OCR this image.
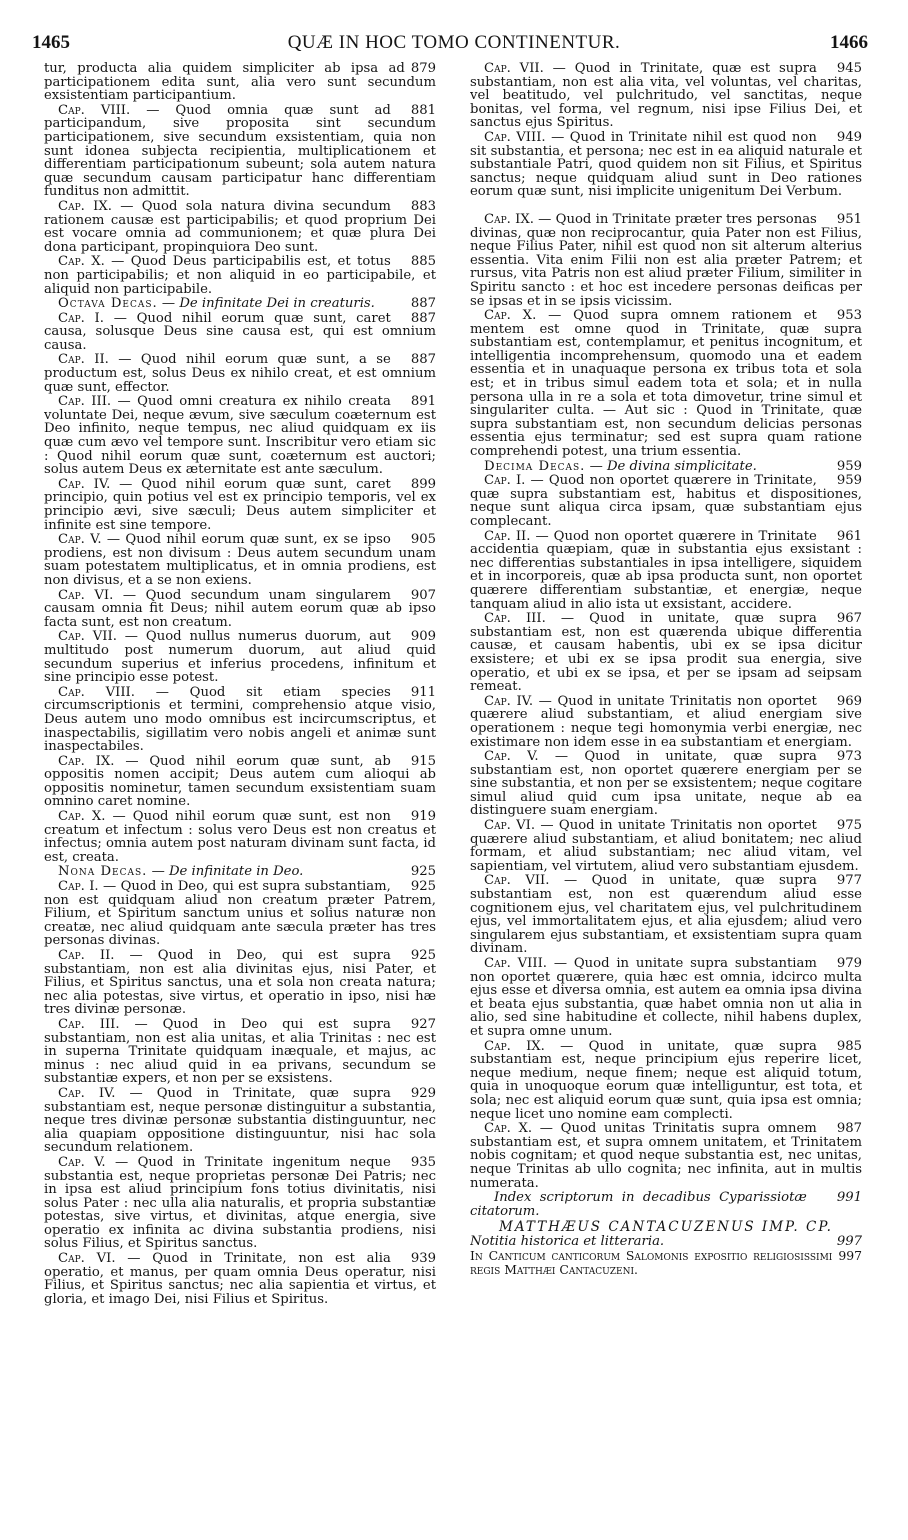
1465	QUÆ IN HOC TOMO CONTINENTUR.	1466

879
tur, producta alia quidem simpliciter ab ipsa ad participationem edita sunt, alia vero sunt secundum exsistentiam participantium.

881
Cap. VIII. — Quod omnia quæ sunt ad participandum, sive proposita sint secundum participationem, sive secundum exsistentiam, quia non sunt idonea subjecta recipientia, multiplicationem et differentiam participationum subeunt; sola autem natura quæ secundum causam participatur hanc differentiam funditus non admittit.

883
Cap. IX. — Quod sola natura divina secundum rationem causæ est participabilis; et quod proprium Dei est vocare omnia ad communionem; et quæ plura Dei dona participant, propinquiora Deo sunt.

885
Cap. X. — Quod Deus participabilis est, et totus non participabilis; et non aliquid in eo participabile, et aliquid non participabile.

887
Octava Decas. — De infinitate Dei in creaturis.

887
Cap. I. — Quod nihil eorum quæ sunt, caret causa, solusque Deus sine causa est, qui est omnium causa.

887
Cap. II. — Quod nihil eorum quæ sunt, a se productum est, solus Deus ex nihilo creat, et est omnium quæ sunt, effector.

891
Cap. III. — Quod omni creatura ex nihilo creata voluntate Dei, neque ævum, sive sæculum coæternum est Deo infinito, neque tempus, nec aliud quidquam ex iis quæ cum ævo vel tempore sunt. Inscribitur vero etiam sic : Quod nihil eorum quæ sunt, coæternum est auctori; solus autem Deus ex æternitate est ante sæculum.

899
Cap. IV. — Quod nihil eorum quæ sunt, caret principio, quin potius vel est ex principio temporis, vel ex principio ævi, sive sæculi; Deus autem simpliciter et infinite est sine tempore.

905
Cap. V. — Quod nihil eorum quæ sunt, ex se ipso prodiens, est non divisum : Deus autem secundum unam suam potestatem multiplicatus, et in omnia prodiens, est non divisus, et a se non exiens.

907
Cap. VI. — Quod secundum unam singularem causam omnia fit Deus; nihil autem eorum quæ ab ipso facta sunt, est non creatum.

909
Cap. VII. — Quod nullus numerus duorum, aut multitudo post numerum duorum, aut aliud quid secundum superius et inferius procedens, infinitum et sine principio esse potest.

911
Cap. VIII. — Quod sit etiam species circumscriptionis et termini, comprehensio atque visio, Deus autem uno modo omnibus est incircumscriptus, et inaspectabilis, sigillatim vero nobis angeli et animæ sunt inaspectabiles.

915
Cap. IX. — Quod nihil eorum quæ sunt, ab oppositis nomen accipit; Deus autem cum alioqui ab oppositis nominetur, tamen secundum exsistentiam suam omnino caret nomine.

919
Cap. X. — Quod nihil eorum quæ sunt, est non creatum et infectum : solus vero Deus est non creatus et infectus; omnia autem post naturam divinam sunt facta, id est, creata.

925
Nona Decas. — De infinitate in Deo.

925
Cap. I. — Quod in Deo, qui est supra substantiam, non est quidquam aliud non creatum præter Patrem, Filium, et Spiritum sanctum unius et solius naturæ non creatæ, nec aliud quidquam ante sæcula præter has tres personas divinas.

925
Cap. II. — Quod in Deo, qui est supra substantiam, non est alia divinitas ejus, nisi Pater, et Filius, et Spiritus sanctus, una et sola non creata natura; nec alia potestas, sive virtus, et operatio in ipso, nisi hæ tres divinæ personæ.

927
Cap. III. — Quod in Deo qui est supra substantiam, non est alia unitas, et alia Trinitas : nec est in superna Trinitate quidquam inæquale, et majus, ac minus : nec aliud quid in ea privans, secundum se substantiæ expers, et non per se exsistens.

929
Cap. IV. — Quod in Trinitate, quæ supra substantiam est, neque personæ distinguitur a substantia, neque tres divinæ personæ substantia distinguuntur, nec alia quapiam oppositione distinguuntur, nisi hac sola secundum relationem.

935
Cap. V. — Quod in Trinitate ingenitum neque substantia est, neque proprietas personæ Dei Patris; nec in ipsa est aliud principium fons totius divinitatis, nisi solus Pater : nec ulla alia naturalis, et propria substantiæ potestas, sive virtus, et divinitas, atque energia, sive operatio ex infinita ac divina substantia prodiens, nisi solus Filius, et Spiritus sanctus.

939
Cap. VI. — Quod in Trinitate, non est alia operatio, et manus, per quam omnia Deus operatur, nisi Filius, et Spiritus sanctus; nec alia sapientia et virtus, et gloria, et imago Dei, nisi Filius et Spiritus.

945
Cap. VII. — Quod in Trinitate, quæ est supra substantiam, non est alia vita, vel voluntas, vel charitas, vel beatitudo, vel pulchritudo, vel sanctitas, neque bonitas, vel forma, vel regnum, nisi ipse Filius Dei, et sanctus ejus Spiritus.

949
Cap. VIII. — Quod in Trinitate nihil est quod non sit substantia, et persona; nec est in ea aliquid naturale et substantiale Patri, quod quidem non sit Filius, et Spiritus sanctus; neque quidquam aliud sunt in Deo rationes eorum quæ sunt, nisi implicite unigenitum Dei Verbum.

951
Cap. IX. — Quod in Trinitate præter tres personas divinas, quæ non reciprocantur, quia Pater non est Filius, neque Filius Pater, nihil est quod non sit alterum alterius essentia. Vita enim Filii non est alia præter Patrem; et rursus, vita Patris non est aliud præter Filium, similiter in Spiritu sancto : et hoc est incedere personas deificas per se ipsas et in se ipsis vicissim.

953
Cap. X. — Quod supra omnem rationem et mentem est omne quod in Trinitate, quæ supra substantiam est, contemplamur, et penitus incognitum, et intelligentia incomprehensum, quomodo una et eadem essentia et in unaquaque persona ex tribus tota et sola est; et in tribus simul eadem tota et sola; et in nulla persona ulla in re a sola et tota dimovetur, trine simul et singulariter culta. — Aut sic : Quod in Trinitate, quæ supra substantiam est, non secundum delicias personas essentia ejus terminatur; sed est supra quam ratione comprehendi potest, una trium essentia.

959
Decima Decas. — De divina simplicitate.

959
Cap. I. — Quod non oportet quærere in Trinitate, quæ supra substantiam est, habitus et dispositiones, neque sunt aliqua circa ipsam, quæ substantiam ejus complecant.

961
Cap. II. — Quod non oportet quærere in Trinitate accidentia quæpiam, quæ in substantia ejus exsistant : nec differentias substantiales in ipsa intelligere, siquidem et in incorporeis, quæ ab ipsa producta sunt, non oportet quærere differentiam substantiæ, et energiæ, neque tanquam aliud in alio ista ut exsistant, accidere.

967
Cap. III. — Quod in unitate, quæ supra substantiam est, non est quærenda ubique differentia causæ, et causam habentis, ubi ex se ipsa dicitur exsistere; et ubi ex se ipsa prodit sua energia, sive operatio, et ubi ex se ipsa, et per se ipsam ad seipsam remeat.

969
Cap. IV. — Quod in unitate Trinitatis non oportet quærere aliud substantiam, et aliud energiam sive operationem : neque tegi homonymia verbi energiæ, nec existimare non idem esse in ea substantiam et energiam.

973
Cap. V. — Quod in unitate, quæ supra substantiam est, non oportet quærere energiam per se sine substantia, et non per se exsistentem; neque cogitare simul aliud quid cum ipsa unitate, neque ab ea distinguere suam energiam.

975
Cap. VI. — Quod in unitate Trinitatis non oportet quærere aliud substantiam, et aliud bonitatem; nec aliud formam, et aliud substantiam; nec aliud vitam, vel sapientiam, vel virtutem, aliud vero substantiam ejusdem.

977
Cap. VII. — Quod in unitate, quæ supra substantiam est, non est quærendum aliud esse cognitionem ejus, vel charitatem ejus, vel pulchritudinem ejus, vel immortalitatem ejus, et alia ejusdem; aliud vero singularem ejus substantiam, et exsistentiam supra quam divinam.

979
Cap. VIII. — Quod in unitate supra substantiam non oportet quærere, quia hæc est omnia, idcirco multa ejus esse et diversa omnia, est autem ea omnia ipsa divina et beata ejus substantia, quæ habet omnia non ut alia in alio, sed sine habitudine et collecte, nihil habens duplex, et supra omne unum.

985
Cap. IX. — Quod in unitate, quæ supra substantiam est, neque principium ejus reperire licet, neque medium, neque finem; neque est aliquid totum, quia in unoquoque eorum quæ intelliguntur, est tota, et sola; nec est aliquid eorum quæ sunt, quia ipsa est omnia; neque licet uno nomine eam complecti.

987
Cap. X. — Quod unitas Trinitatis supra omnem substantiam est, et supra omnem unitatem, et Trinitatem nobis cognitam; et quod neque substantia est, nec unitas, neque Trinitas ab ullo cognita; nec infinita, aut in multis numerata.

991
Index scriptorum in decadibus Cyparissiotæ citatorum.

MATTHÆUS CANTACUZENUS IMP. CP.

997
Notitia historica et litteraria.

997
In Canticum canticorum Salomonis expositio religiosissimi regis Matthæi Cantacuzeni.
